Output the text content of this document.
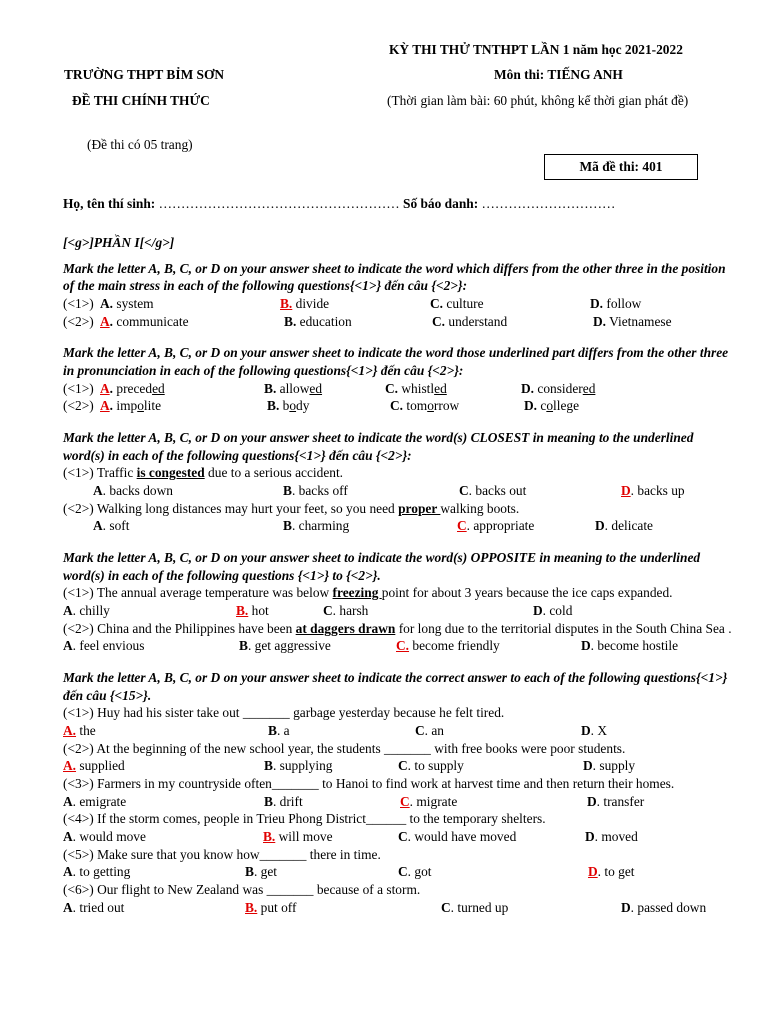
TRƯỜNG THPT BỈM SƠN
ĐỀ THI CHÍNH THỨC
(Đề thi có 05 trang)
KỲ THI THỬ TNTHPT LẦN 1 năm học 2021-2022
Môn thi: TIẾNG ANH
(Thời gian làm bài: 60 phút, không kể thời gian phát đề)
Mã đề thi: 401
Họ, tên thí sinh: ……………………………………………… Số báo danh: …………………………

[<g>]PHẦN I[</g>]

Mark the letter A, B, C, or D on your answer sheet to indicate the word which differs from the other three in the position of the main stress in each of the following questions{<1>} đến câu {<2>}:

(<1>) A. system	B. divide	C. culture	D. follow
(<2>) A. communicate	B. education	C. understand	D. Vietnamese

Mark the letter A, B, C, or D on your answer sheet to indicate the word those underlined part differs from the other three in pronunciation in each of the following questions{<1>} đến câu {<2>}:

(<1>) A. preceded	B. allowed	C. whistled	D. considered
(<2>) A. impolite	B. body	C. tomorrow	D. college

Mark the letter A, B, C, or D on your answer sheet to indicate the word(s) CLOSEST in meaning to the underlined word(s) in each of the following questions{<1>} đến câu {<2>}:

(<1>) Traffic is congested due to a serious accident.

A. backs down	B. backs off	C. backs out	D. backs up

(<2>) Walking long distances may hurt your feet, so you need proper walking boots.

A. soft	B. charming	C. appropriate	D. delicate

Mark the letter A, B, C, or D on your answer sheet to indicate the word(s) OPPOSITE in meaning to the underlined word(s) in each of the following questions {<1>} to {<2>}.

(<1>) The annual average temperature was below freezing point for about 3 years because the ice caps expanded.

A. chilly	B. hot	C. harsh	D. cold

(<2>) China and the Philippines have been at daggers drawn for long due to the territorial disputes in the South China Sea .

A. feel envious	B. get aggressive	C. become friendly	D. become hostile

Mark the letter A, B, C, or D on your answer sheet to indicate the correct answer to each of the following questions{<1>} đến câu {<15>}.

(<1>) Huy had his sister take out _______ garbage yesterday because he felt tired.

A. the	B. a	C. an	D. X

(<2>) At the beginning of the new school year, the students _______ with free books were poor students.

A. supplied	B. supplying	C. to supply	D. supply

(<3>) Farmers in my countryside often_______ to Hanoi to find work at harvest time and then return their homes.

A. emigrate	B. drift	C. migrate	D. transfer

(<4>) If the storm comes, people in Trieu Phong District______ to the temporary shelters.

A. would move	B. will move	C. would have moved	D. moved

(<5>) Make sure that you know how_______ there in time.

A. to getting	B. get	C. got	D. to get

(<6>) Our flight to New Zealand was _______ because of a storm.

A. tried out	B. put off	C. turned up	D. passed down
